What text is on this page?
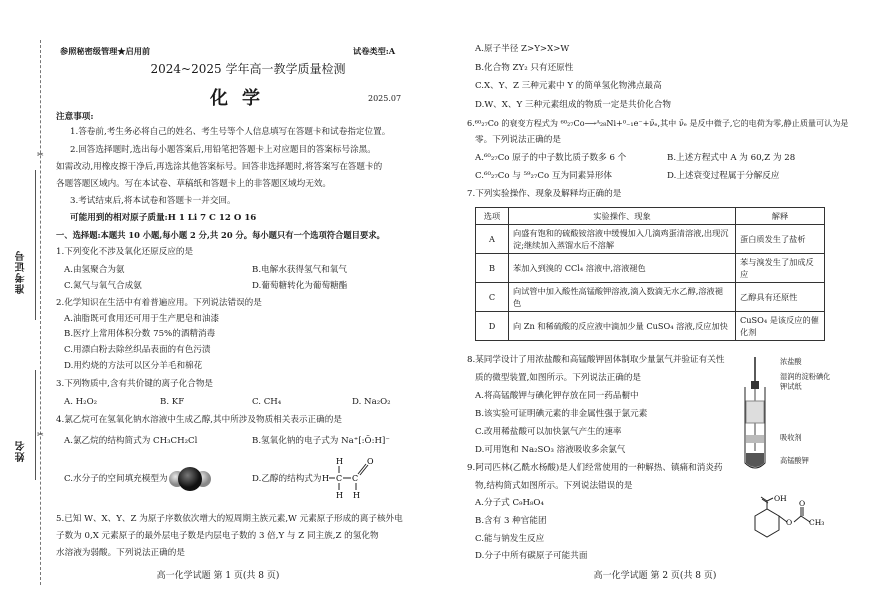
准考证号
姓名
✂
✂
参照秘密级管理★启用前	试卷类型:A
2024~2025 学年高一教学质量检测
化学	2025.07
注意事项:
1.答卷前,考生务必将自己的姓名、考生号等个人信息填写在答题卡和试卷指定位置。
2.回答选择题时,选出每小题答案后,用铅笔把答题卡上对应题目的答案标号涂黑。
如需改动,用橡皮擦干净后,再选涂其他答案标号。回答非选择题时,将答案写在答题卡的
各题答题区域内。写在本试卷、草稿纸和答题卡上的非答题区域均无效。
3.考试结束后,将本试卷和答题卡一并交回。
可能用到的相对原子质量:H 1 Li 7 C 12 O 16
一、选择题:本题共 10 小题,每小题 2 分,共 20 分。每小题只有一个选项符合题目要求。
1.下列变化不涉及氧化还原反应的是
A.由氢聚合为氨	B.电解水获得氢气和氧气
C.氮气与氧气合成氨	D.葡萄糖转化为葡萄糖酯
2.化学知识在生活中有着普遍应用。下列说法错误的是
A.油脂既可食用还可用于生产肥皂和油漆
B.医疗上常用体积分数 75%的酒精消毒
C.用漂白粉去除丝织品表面的有色污渍
D.用灼烧的方法可以区分羊毛和棉花
3.下列物质中,含有共价键的离子化合物是
A. H₂O₂	B. KF	C. CH₄	D. Na₂O₂
4.氯乙烷可在氢氧化钠水溶液中生成乙醇,其中所涉及物质相关表示正确的是
A.氯乙烷的结构简式为 CH₃CH₂Cl	B.氢氧化钠的电子式为 Na⁺[:Ö:H]⁻
C.水分子的空间填充模型为	D.乙醇的结构式为
H
H C C
H
O
H
5.已知 W、X、Y、Z 为原子序数依次增大的短周期主族元素,W 元素原子形成的离子核外电
子数为 0,X 元素原子的最外层电子数是内层电子数的 3 倍,Y 与 Z 同主族,Z 的氢化物
水溶液为弱酸。下列说法正确的是
高一化学试题 第 1 页(共 8 页)
A.原子半径 Z>Y>X>W
B.化合物 ZY₂ 只有还原性
C.X、Y、Z 三种元素中 Y 的简单氢化物沸点最高
D.W、X、Y 三种元素组成的物质一定是共价化合物
6.⁶⁰₂₇Co 的衰变方程式为 ⁶⁰₂₇Co⟶ᴬ₂₈Ni+⁰₋₁e⁻+ν̄ₑ,其中 ν̄ₑ 是反中微子,它的电荷为零,静止质量可认为是
零。下列说法正确的是
A.⁶⁰₂₇Co 原子的中子数比质子数多 6 个	B.上述方程式中 A 为 60,Z 为 28
C.⁶⁰₂₇Co 与 ⁵⁹₂₇Co 互为同素异形体	D.上述衰变过程属于分解反应
7.下列实验操作、现象及解释均正确的是
选项	实验操作、现象	解释
A	向盛有饱和的硫酸铵溶液中缓慢加入几滴鸡蛋清溶液,出现沉淀;继续加入蒸馏水后不溶解	蛋白质发生了盐析
B	苯加入到溴的 CCl₄ 溶液中,溶液褪色	苯与溴发生了加成反应
C	向试管中加入酸性高锰酸钾溶液,滴入数滴无水乙醇,溶液褪色	乙醇具有还原性
D	向 Zn 和稀硫酸的反应液中滴加少量 CuSO₄ 溶液,反应加快	CuSO₄ 是该反应的催化剂
8.某同学设计了用浓盐酸和高锰酸钾固体制取少量氯气并验证有关性
质的微型装置,如图所示。下列说法正确的是
A.将高锰酸钾与碘化钾存放在同一药品橱中
B.该实验可证明碘元素的非金属性强于氯元素
C.改用稀盐酸可以加快氯气产生的速率
D.可用饱和 Na₂SO₃ 溶液吸收多余氯气
浓盐酸
湿润的淀粉碘化钾试纸
吸收剂
高锰酸钾
9.阿司匹林(乙酰水杨酸)是人们经常使用的一种解热、镇痛和消炎药
物,结构简式如图所示。下列说法错误的是
A.分子式 C₉H₈O₄
B.含有 3 种官能团
C.能与钠发生反应
D.分子中所有碳原子可能共面
OH
O
O
CH₃
高一化学试题 第 2 页(共 8 页)
